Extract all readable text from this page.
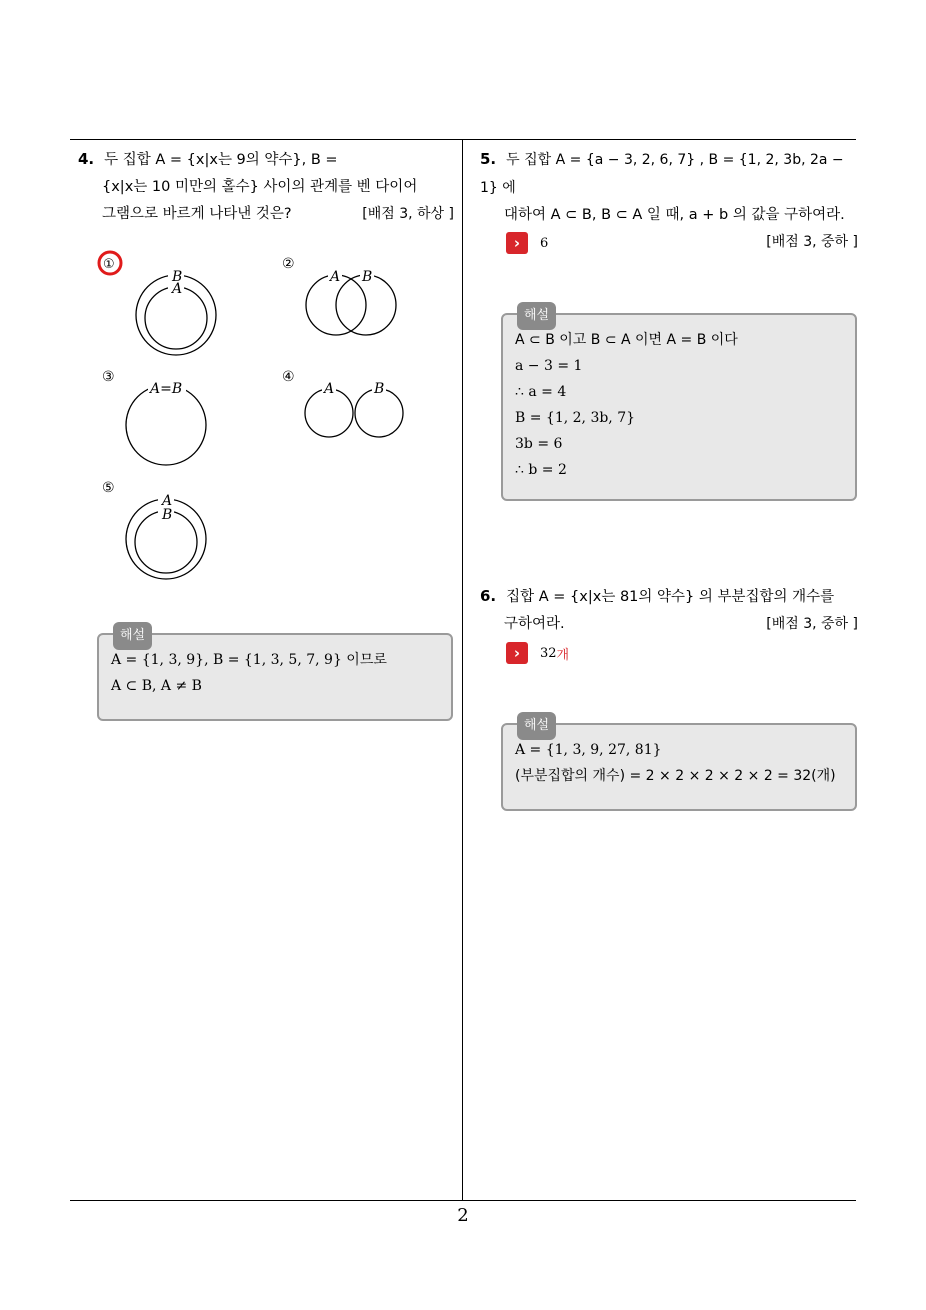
4. 두 집합 A = {x|x는 9의 약수}, B =
{x|x는 10 미만의 홀수} 사이의 관계를 벤 다이어
그램으로 바르게 나타낸 것은?	[배점 3, 하상 ]
①
B
A
②
A B
③
A=B
④
A	B
⑤
A
B
해설
A = {1, 3, 9}, B = {1, 3, 5, 7, 9} 이므로
A ⊂ B, A ≠ B
5. 두 집합 A = {a − 3, 2, 6, 7} , B = {1, 2, 3b, 2a − 1} 에
대하여 A ⊂ B, B ⊂ A 일 때, a + b 의 값을 구하여라.
[배점 3, 중하 ]
›	6
해설
A ⊂ B 이고 B ⊂ A 이면 A = B 이다
a − 3 = 1
∴ a = 4
B = {1, 2, 3b, 7}
3b = 6
∴ b = 2
6. 집합 A = {x|x는 81의 약수} 의 부분집합의 개수를
구하여라.	[배점 3, 중하 ]
›	32 개
해설
A = {1, 3, 9, 27, 81}
(부분집합의 개수) = 2 × 2 × 2 × 2 × 2 = 32(개)
2
